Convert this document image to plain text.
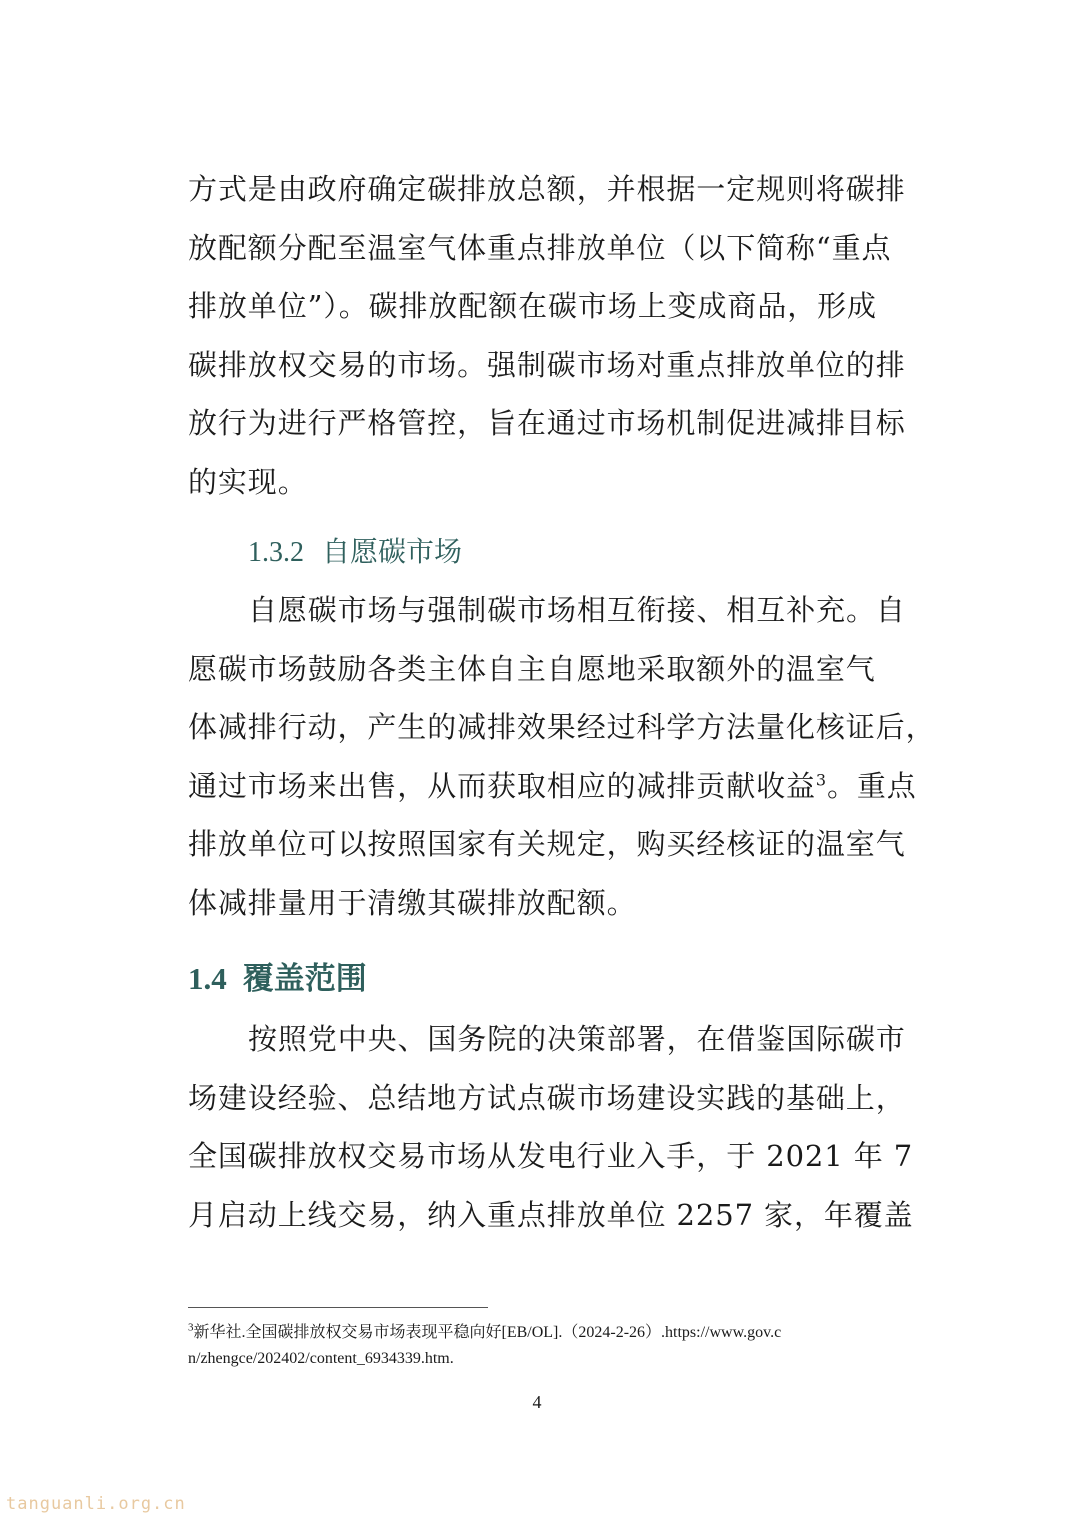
方式是由政府确定碳排放总额，并根据一定规则将碳排
放配额分配至温室气体重点排放单位（以下简称“重点
排放单位”）。碳排放配额在碳市场上变成商品，形成
碳排放权交易的市场。强制碳市场对重点排放单位的排
放行为进行严格管控，旨在通过市场机制促进减排目标
的实现。
1.3.2 自愿碳市场
自愿碳市场与强制碳市场相互衔接、相互补充。自
愿碳市场鼓励各类主体自主自愿地采取额外的温室气
体减排行动，产生的减排效果经过科学方法量化核证后，
通过市场来出售，从而获取相应的减排贡献收益$^3$。重点
排放单位可以按照国家有关规定，购买经核证的温室气
体减排量用于清缴其碳排放配额。
1.4 覆盖范围
按照党中央、国务院的决策部署，在借鉴国际碳市
场建设经验、总结地方试点碳市场建设实践的基础上，
全国碳排放权交易市场从发电行业入手，于 2021 年 7
月启动上线交易，纳入重点排放单位 2257 家，年覆盖
$^3$新华社.全国碳排放权交易市场表现平稳向好[EB/OL].（2024-2-26）.https://www.gov.c
n/zhengce/202402/content_6934339.htm.
4
tanguanli.org.cn
